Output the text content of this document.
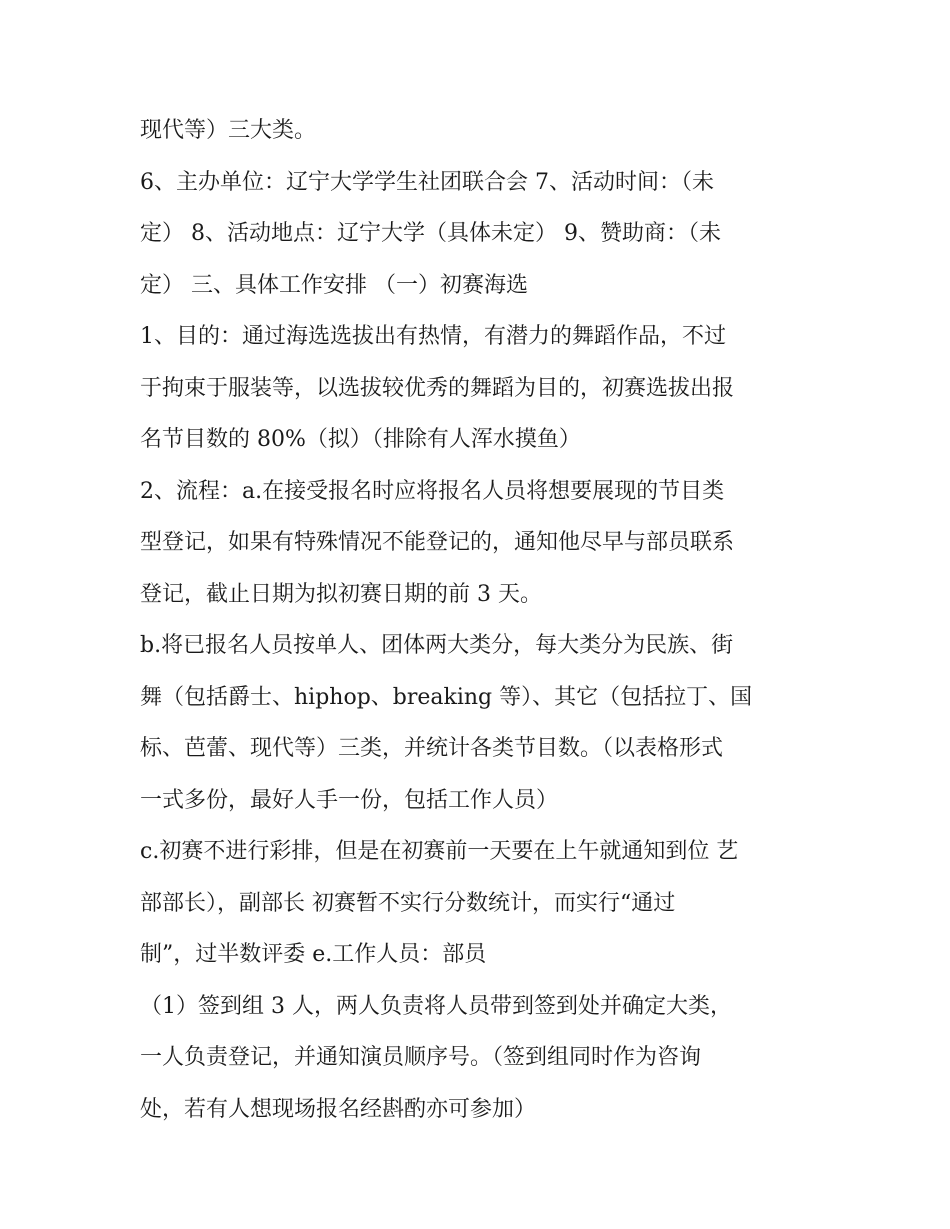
现代等）三大类。
6、主办单位：辽宁大学学生社团联合会 7、活动时间：（未
定） 8、活动地点：辽宁大学（具体未定） 9、赞助商：（未
定） 三、具体工作安排 （一）初赛海选
1、目的：通过海选选拔出有热情，有潜力的舞蹈作品，不过
于拘束于服装等，以选拔较优秀的舞蹈为目的，初赛选拔出报
名节目数的 80%（拟）（排除有人浑水摸鱼）
2、流程：a.在接受报名时应将报名人员将想要展现的节目类
型登记，如果有特殊情况不能登记的，通知他尽早与部员联系
登记，截止日期为拟初赛日期的前 3 天。
b.将已报名人员按单人、团体两大类分，每大类分为民族、街
舞（包括爵士、hiphop、breaking 等）、其它（包括拉丁、国
标、芭蕾、现代等）三类，并统计各类节目数。（以表格形式
一式多份，最好人手一份，包括工作人员）
c.初赛不进行彩排，但是在初赛前一天要在上午就通知到位 艺
部部长），副部长 初赛暂不实行分数统计，而实行“通过
制”，过半数评委 e.工作人员：部员
（1）签到组 3 人，两人负责将人员带到签到处并确定大类，
一人负责登记，并通知演员顺序号。（签到组同时作为咨询
处，若有人想现场报名经斟酌亦可参加）
